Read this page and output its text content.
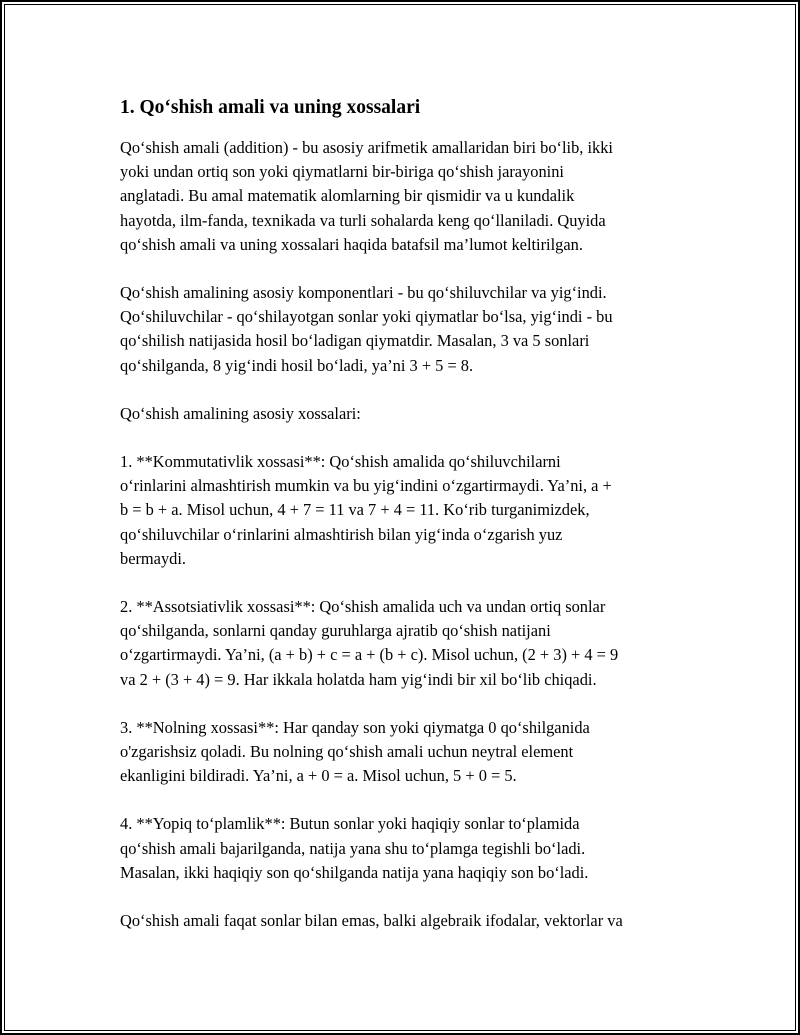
1. Qo‘shish amali va uning xossalari

Qo‘shish amali (addition) - bu asosiy arifmetik amallaridan biri bo‘lib, ikki
yoki undan ortiq son yoki qiymatlarni bir-biriga qo‘shish jarayonini
anglatadi. Bu amal matematik alomlarning bir qismidir va u kundalik
hayotda, ilm-fanda, texnikada va turli sohalarda keng qo‘llaniladi. Quyida
qo‘shish amali va uning xossalari haqida batafsil ma’lumot keltirilgan.

Qo‘shish amalining asosiy komponentlari - bu qo‘shiluvchilar va yig‘indi.
Qo‘shiluvchilar - qo‘shilayotgan sonlar yoki qiymatlar bo‘lsa, yig‘indi - bu
qo‘shilish natijasida hosil bo‘ladigan qiymatdir. Masalan, 3 va 5 sonlari
qo‘shilganda, 8 yig‘indi hosil bo‘ladi, ya’ni 3 + 5 = 8.

Qo‘shish amalining asosiy xossalari:

1. **Kommutativlik xossasi**: Qo‘shish amalida qo‘shiluvchilarni
o‘rinlarini almashtirish mumkin va bu yig‘indini o‘zgartirmaydi. Ya’ni, a +
b = b + a. Misol uchun, 4 + 7 = 11 va 7 + 4 = 11. Ko‘rib turganimizdek,
qo‘shiluvchilar o‘rinlarini almashtirish bilan yig‘inda o‘zgarish yuz
bermaydi.

2. **Assotsiativlik xossasi**: Qo‘shish amalida uch va undan ortiq sonlar
qo‘shilganda, sonlarni qanday guruhlarga ajratib qo‘shish natijani
o‘zgartirmaydi. Ya’ni, (a + b) + c = a + (b + c). Misol uchun, (2 + 3) + 4 = 9
va 2 + (3 + 4) = 9. Har ikkala holatda ham yig‘indi bir xil bo‘lib chiqadi.

3. **Nolning xossasi**: Har qanday son yoki qiymatga 0 qo‘shilganida
o'zgarishsiz qoladi. Bu nolning qo‘shish amali uchun neytral element
ekanligini bildiradi. Ya’ni, a + 0 = a. Misol uchun, 5 + 0 = 5.

4. **Yopiq to‘plamlik**: Butun sonlar yoki haqiqiy sonlar to‘plamida
qo‘shish amali bajarilganda, natija yana shu to‘plamga tegishli bo‘ladi.
Masalan, ikki haqiqiy son qo‘shilganda natija yana haqiqiy son bo‘ladi.

Qo‘shish amali faqat sonlar bilan emas, balki algebraik ifodalar, vektorlar va
